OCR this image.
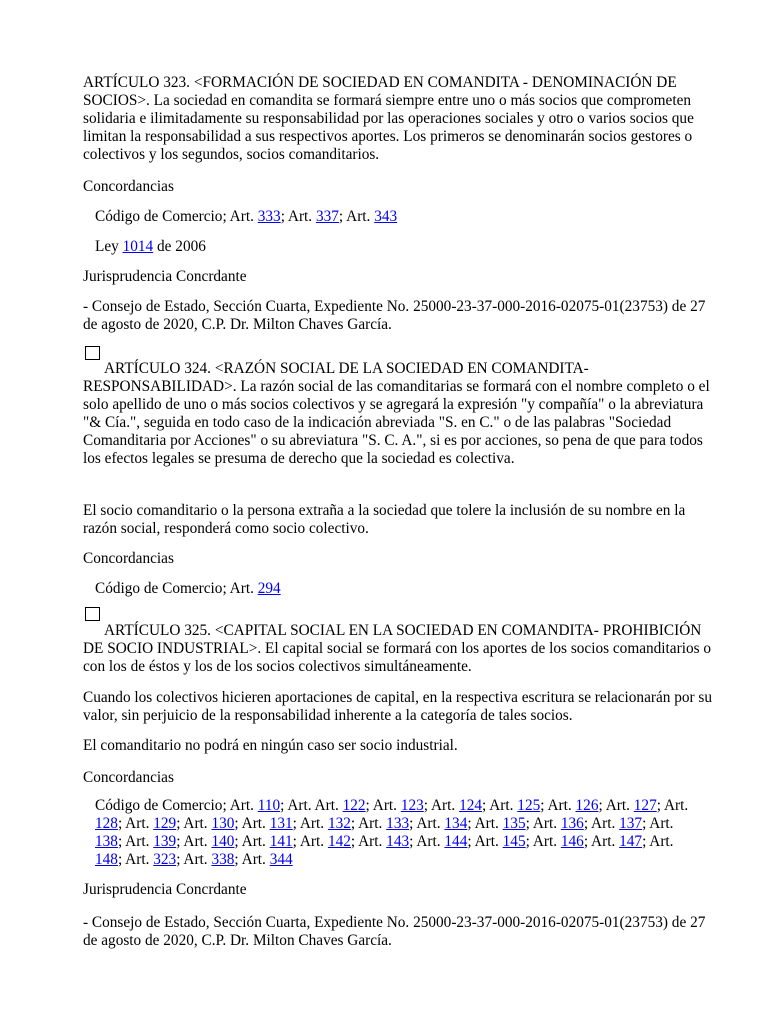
ARTÍCULO 323. <FORMACIÓN DE SOCIEDAD EN COMANDITA - DENOMINACIÓN DE SOCIOS>. La sociedad en comandita se formará siempre entre uno o más socios que comprometen solidaria e ilimitadamente su responsabilidad por las operaciones sociales y otro o varios socios que limitan la responsabilidad a sus respectivos aportes. Los primeros se denominarán socios gestores o colectivos y los segundos, socios comanditarios.

Concordancias

Código de Comercio; Art. 333; Art. 337; Art. 343

Ley 1014 de 2006

Jurisprudencia Concrdante

- Consejo de Estado, Sección Cuarta, Expediente No. 25000-23-37-000-2016-02075-01(23753) de 27 de agosto de 2020, C.P. Dr. Milton Chaves García.

ARTÍCULO 324. <RAZÓN SOCIAL DE LA SOCIEDAD EN COMANDITA- RESPONSABILIDAD>. La razón social de las comanditarias se formará con el nombre completo o el solo apellido de uno o más socios colectivos y se agregará la expresión "y compañía" o la abreviatura "& Cía.", seguida en todo caso de la indicación abreviada "S. en C." o de las palabras "Sociedad Comanditaria por Acciones" o su abreviatura "S. C. A.", si es por acciones, so pena de que para todos los efectos legales se presuma de derecho que la sociedad es colectiva.

El socio comanditario o la persona extraña a la sociedad que tolere la inclusión de su nombre en la razón social, responderá como socio colectivo.

Concordancias

Código de Comercio; Art. 294

ARTÍCULO 325. <CAPITAL SOCIAL EN LA SOCIEDAD EN COMANDITA- PROHIBICIÓN DE SOCIO INDUSTRIAL>. El capital social se formará con los aportes de los socios comanditarios o con los de éstos y los de los socios colectivos simultáneamente.

Cuando los colectivos hicieren aportaciones de capital, en la respectiva escritura se relacionarán por su valor, sin perjuicio de la responsabilidad inherente a la categoría de tales socios.

El comanditario no podrá en ningún caso ser socio industrial.

Concordancias

Código de Comercio; Art. 110; Art. Art. 122; Art. 123; Art. 124; Art. 125; Art. 126; Art. 127; Art. 128; Art. 129; Art. 130; Art. 131; Art. 132; Art. 133; Art. 134; Art. 135; Art. 136; Art. 137; Art. 138; Art. 139; Art. 140; Art. 141; Art. 142; Art. 143; Art. 144; Art. 145; Art. 146; Art. 147; Art. 148; Art. 323; Art. 338; Art. 344

Jurisprudencia Concrdante

- Consejo de Estado, Sección Cuarta, Expediente No. 25000-23-37-000-2016-02075-01(23753) de 27 de agosto de 2020, C.P. Dr. Milton Chaves García.
